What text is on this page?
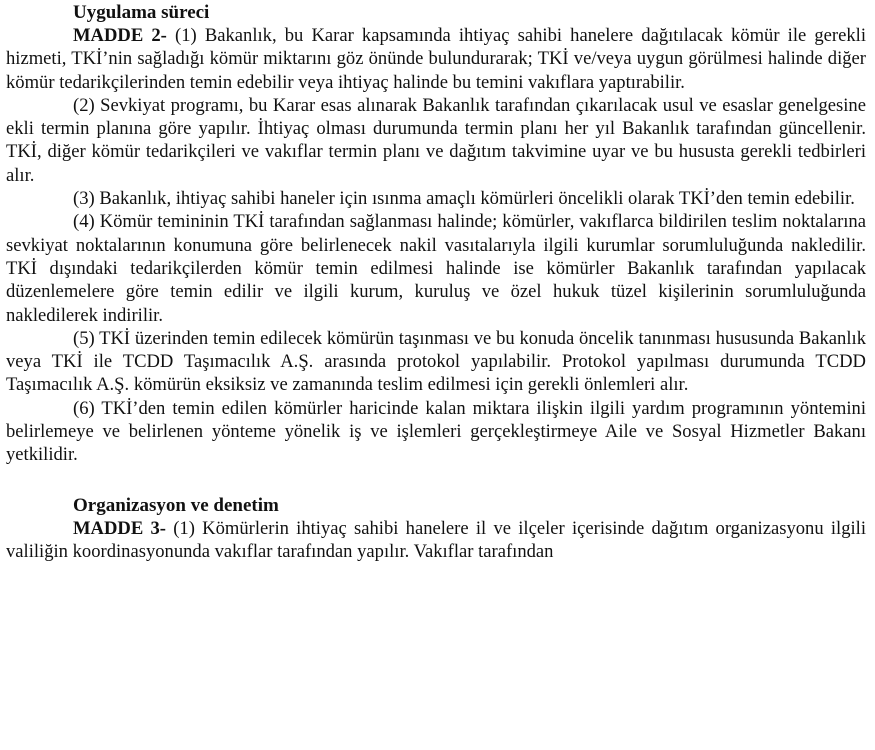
Uygulama süreci

MADDE 2- (1) Bakanlık, bu Karar kapsamında ihtiyaç sahibi hanelere dağıtılacak kömür ile gerekli hizmeti, TKİ’nin sağladığı kömür miktarını göz önünde bulundurarak; TKİ ve/veya uygun görülmesi halinde diğer kömür tedarikçilerinden temin edebilir veya ihtiyaç halinde bu temini vakıflara yaptırabilir.

(2) Sevkiyat programı, bu Karar esas alınarak Bakanlık tarafından çıkarılacak usul ve esaslar genelgesine ekli termin planına göre yapılır. İhtiyaç olması durumunda termin planı her yıl Bakanlık tarafından güncellenir. TKİ, diğer kömür tedarikçileri ve vakıflar termin planı ve dağıtım takvimine uyar ve bu hususta gerekli tedbirleri alır.

(3) Bakanlık, ihtiyaç sahibi haneler için ısınma amaçlı kömürleri öncelikli olarak TKİ’den temin edebilir.

(4) Kömür temininin TKİ tarafından sağlanması halinde; kömürler, vakıflarca bildirilen teslim noktalarına sevkiyat noktalarının konumuna göre belirlenecek nakil vasıtalarıyla ilgili kurumlar sorumluluğunda nakledilir. TKİ dışındaki tedarikçilerden kömür temin edilmesi halinde ise kömürler Bakanlık tarafından yapılacak düzenlemelere göre temin edilir ve ilgili kurum, kuruluş ve özel hukuk tüzel kişilerinin sorumluluğunda nakledilerek indirilir.

(5) TKİ üzerinden temin edilecek kömürün taşınması ve bu konuda öncelik tanınması hususunda Bakanlık veya TKİ ile TCDD Taşımacılık A.Ş. arasında protokol yapılabilir. Protokol yapılması durumunda TCDD Taşımacılık A.Ş. kömürün eksiksiz ve zamanında teslim edilmesi için gerekli önlemleri alır.

(6) TKİ’den temin edilen kömürler haricinde kalan miktara ilişkin ilgili yardım programının yöntemini belirlemeye ve belirlenen yönteme yönelik iş ve işlemleri gerçekleştirmeye Aile ve Sosyal Hizmetler Bakanı yetkilidir.

Organizasyon ve denetim

MADDE 3- (1) Kömürlerin ihtiyaç sahibi hanelere il ve ilçeler içerisinde dağıtım organizasyonu ilgili valiliğin koordinasyonunda vakıflar tarafından yapılır. Vakıflar tarafından
